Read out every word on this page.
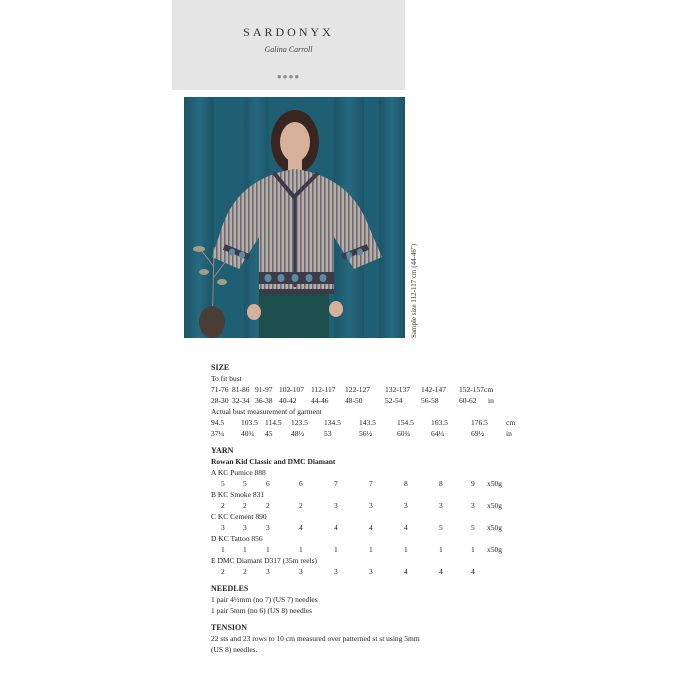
SARDONYX
Galina Carroll
●●●●
Sample size 112-117 cm (44-46")
SIZE
To fit bust
71-76 81-86 91-97 102-107 112-117 122-127 132-137 142-147 152-157cm
28-30 32-34 36-38 40-42 44-46 48-50	52-54 56-58	60-62 in
Actual bust measurement of garment
94.5 103.5 114.5 123.5 134.5 143.5	154.5 163.5	176.5 cm
37¼ 40¾ 45 48½	53	56½	60¾	64¼	69½	in
YARN
Rowan Kid Classic and DMC Diamant
A KC Pumice 888
5 5	6	6	7	7	8	8	9 x50g
B KC Smoke 831
2 2	2	2	3	3	3	3	3 x50g
C KC Cement 890
3 3	3	4	4	4	4	5	5 x50g
D KC Tattoo 856
1 1	1	1	1	1	1	1	1 x50g
E DMC Diamant D317 (35m reels)
2 2	3	3	3	3	4	4	4
NEEDLES
1 pair 4½mm (no 7) (US 7) needles
1 pair 5mm (no 6) (US 8) needles
TENSION
22 sts and 23 rows to 10 cm measured over patterned st st using 5mm
(US 8) needles.
